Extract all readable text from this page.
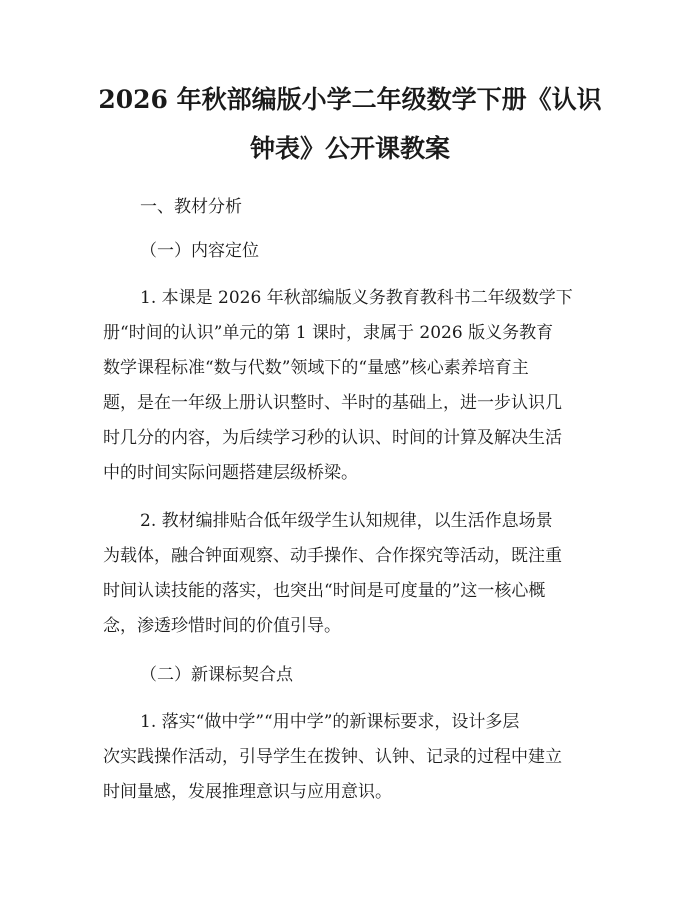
2026 年秋部编版小学二年级数学下册《认识
钟表》公开课教案

一、教材分析

（一）内容定位

1. 本课是 2026 年秋部编版义务教育教科书二年级数学下

册“时间的认识”单元的第 1 课时，隶属于 2026 版义务教育

数学课程标准“数与代数”领域下的“量感”核心素养培育主

题，是在一年级上册认识整时、半时的基础上，进一步认识几

时几分的内容，为后续学习秒的认识、时间的计算及解决生活

中的时间实际问题搭建层级桥梁。

2. 教材编排贴合低年级学生认知规律，以生活作息场景

为载体，融合钟面观察、动手操作、合作探究等活动，既注重

时间认读技能的落实，也突出“时间是可度量的”这一核心概

念，渗透珍惜时间的价值引导。

（二）新课标契合点

1. 落实“做中学”“用中学”的新课标要求，设计多层

次实践操作活动，引导学生在拨钟、认钟、记录的过程中建立

时间量感，发展推理意识与应用意识。
